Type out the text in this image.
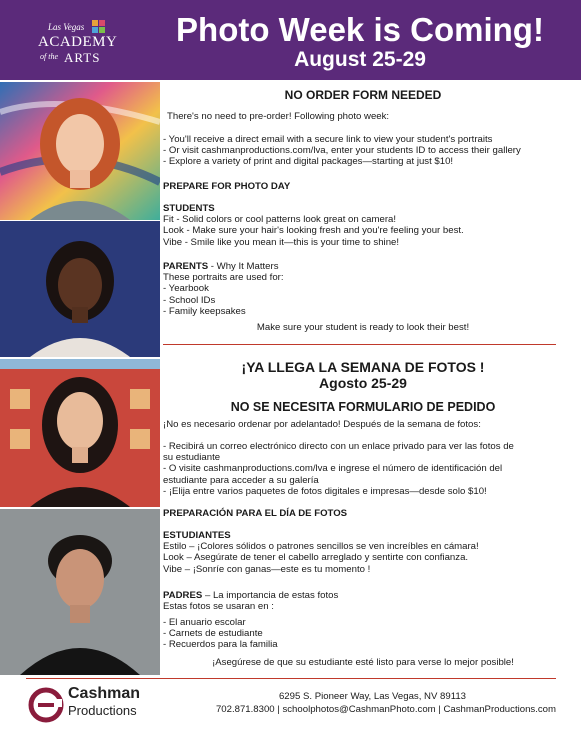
Las Vegas
ACADEMY
of the ARTS
Photo Week is Coming!
August 25-29
NO ORDER FORM NEEDED
There's no need to pre-order! Following photo week:
- You'll receive a direct email with a secure link to view your student's portraits
- Or visit cashmanproductions.com/lva, enter your students ID to access their gallery
- Explore a variety of print and digital packages—starting at just $10!
PREPARE FOR PHOTO DAY
STUDENTS
Fit - Solid colors or cool patterns look great on camera!
Look - Make sure your hair's looking fresh and you're feeling your best.
Vibe - Smile like you mean it—this is your time to shine!
PARENTS - Why It Matters
These portraits are used for:
- Yearbook
- School IDs
- Family keepsakes
Make sure your student is ready to look their best!
¡YA LLEGA LA SEMANA DE FOTOS !
Agosto 25-29
NO SE NECESITA FORMULARIO DE PEDIDO
¡No es necesario ordenar por adelantado! Después de la semana de fotos:
- Recibirá un correo electrónico directo con un enlace privado para ver las fotos de
su estudiante
- O visite cashmanproductions.com/lva e ingrese el número de identificación del
estudiante para acceder a su galería
- ¡Elija entre varios paquetes de fotos digitales e impresas—desde solo $10!
PREPARACIÓN PARA EL DÍA DE FOTOS
ESTUDIANTES
Estilo – ¡Colores sólidos o patrones sencillos se ven increíbles en cámara!
Look – Asegúrate de tener el cabello arreglado y sentirte con confianza.
Vibe – ¡Sonríe con ganas—este es tu momento !
PADRES – La importancia de estas fotos
Estas fotos se usaran en :
- El anuario escolar
- Carnets de estudiante
- Recuerdos para la familia
¡Asegúrese de que su estudiante esté listo para verse lo mejor posible!
Cashman
Productions
6295 S. Pioneer Way, Las Vegas, NV 89113
702.871.8300 | schoolphotos@CashmanPhoto.com | CashmanProductions.com
